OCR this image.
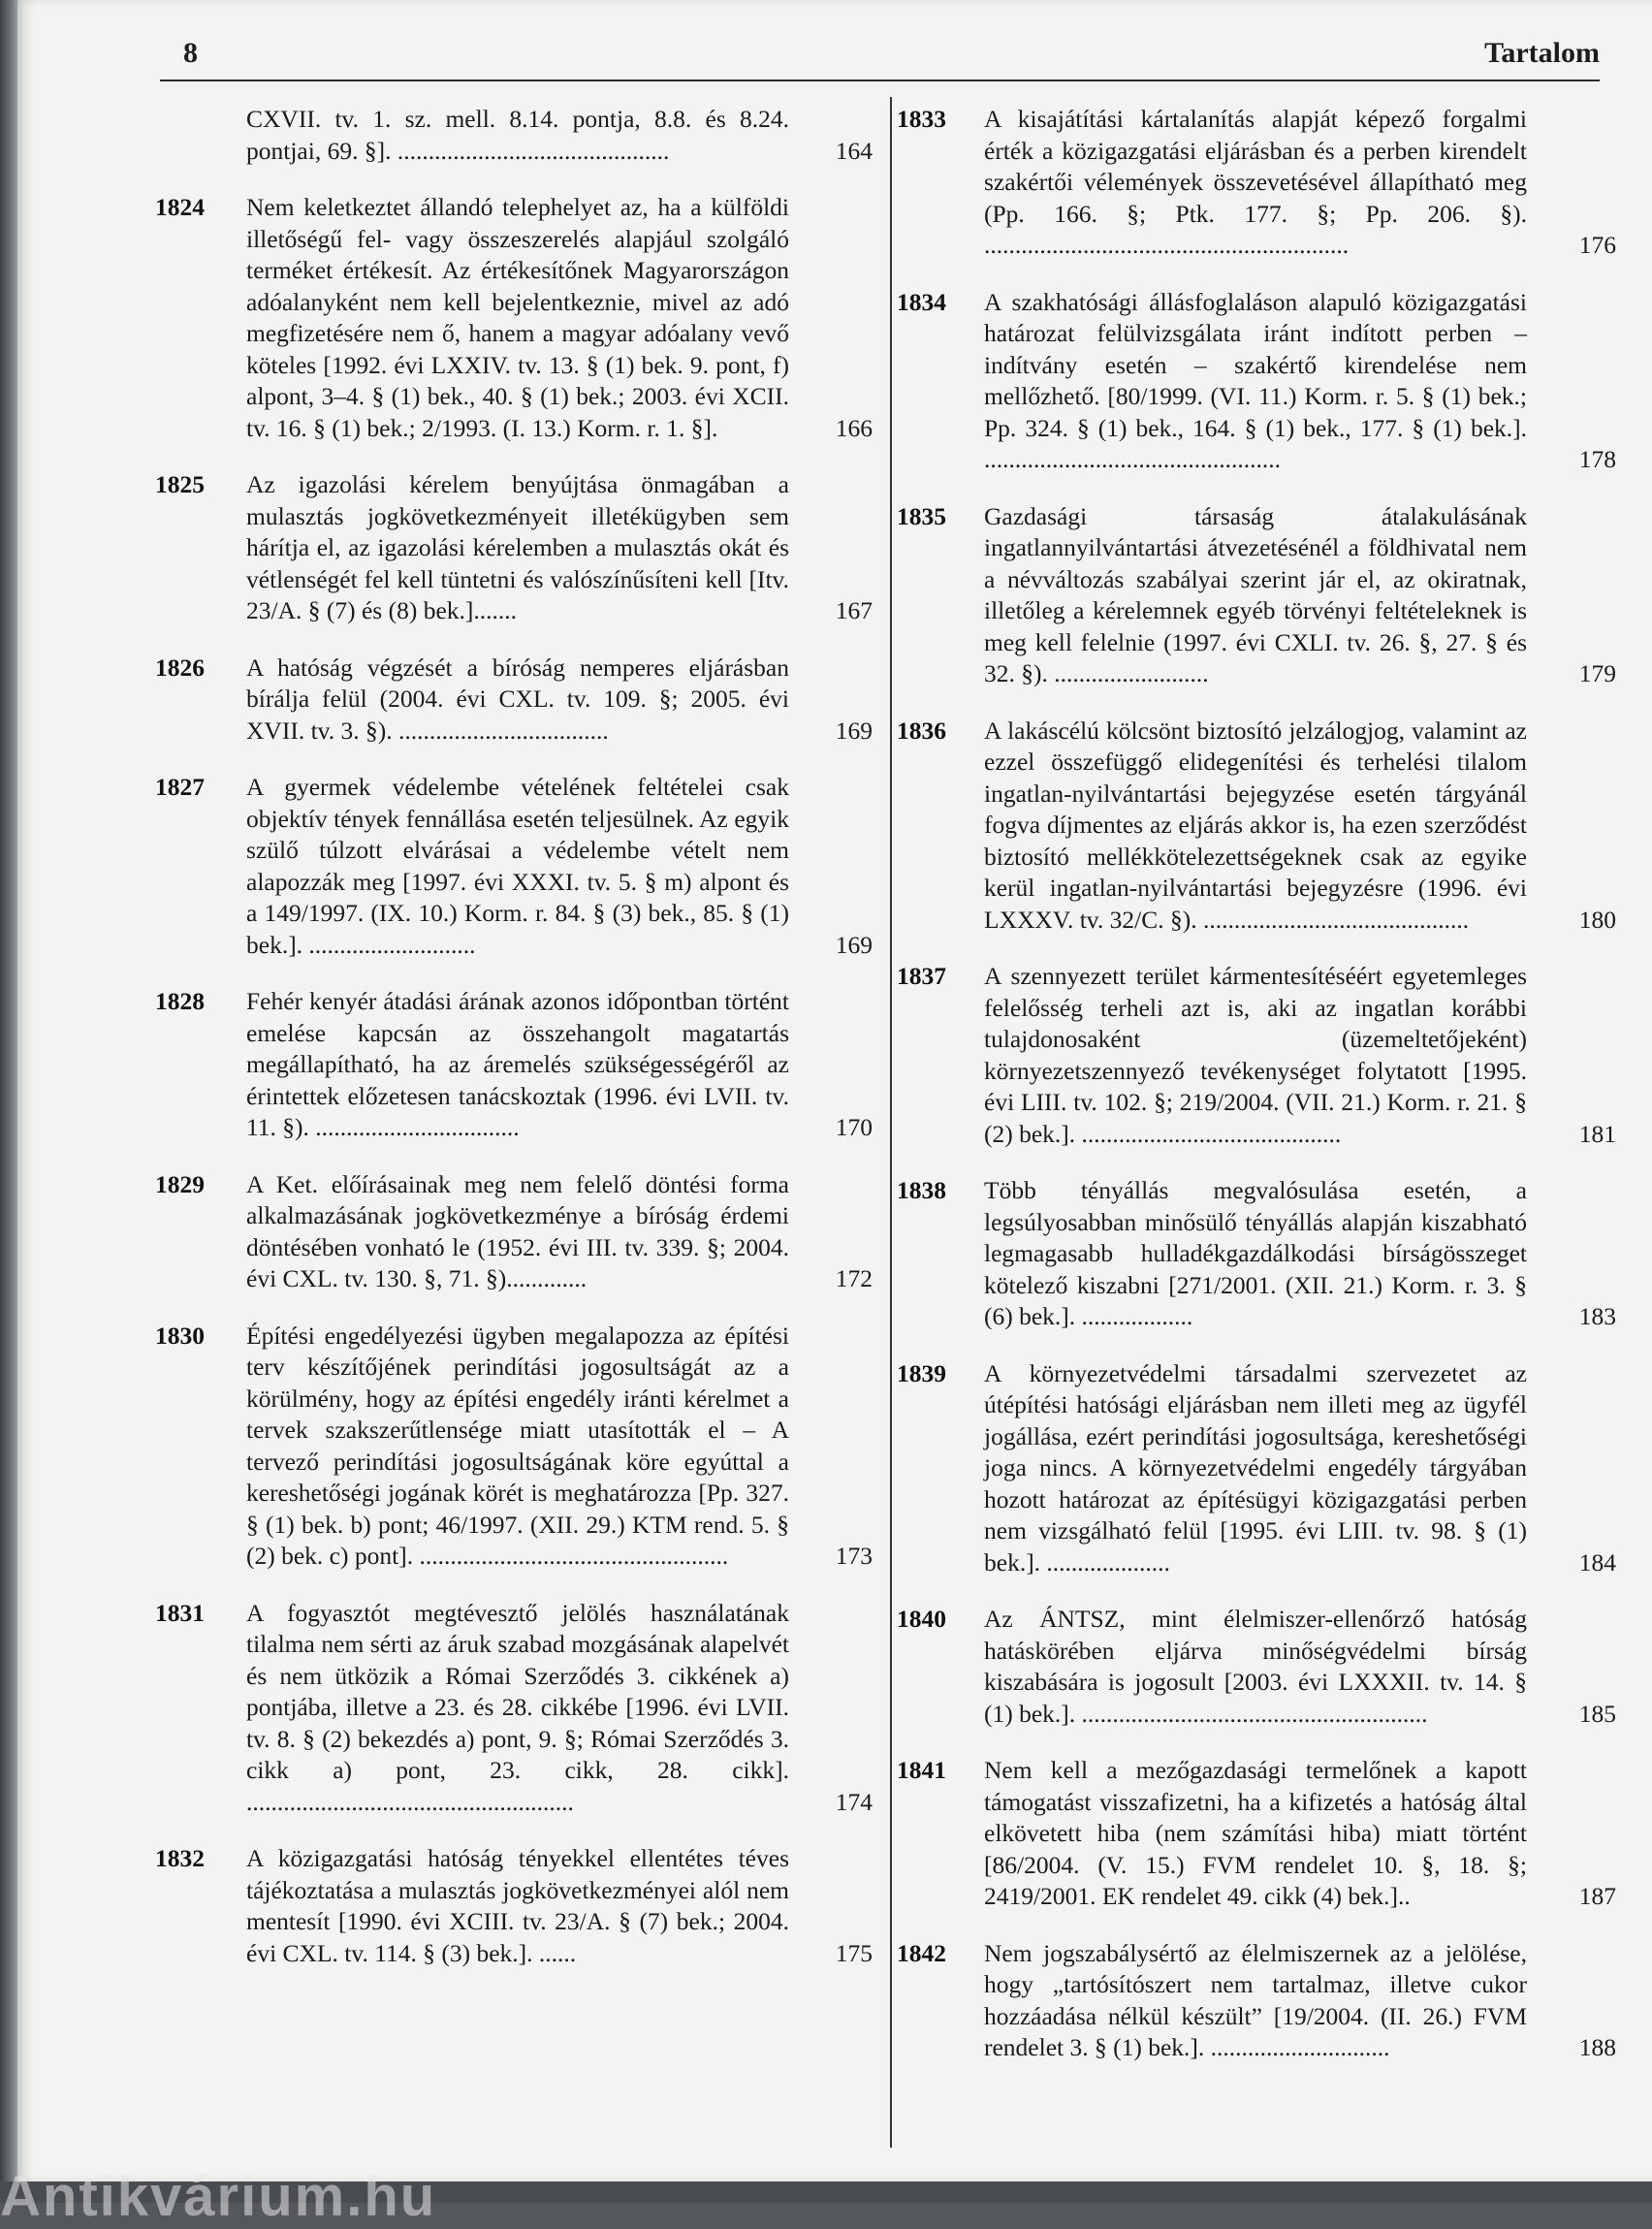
8	Tartalom
CXVII. tv. 1. sz. mell. 8.14. pontja, 8.8. és 8.24. pontjai, 69. §]. ............................................	164
1824	Nem keletkeztet állandó telephelyet az, ha a külföldi illetőségű fel- vagy összeszerelés alapjául szolgáló terméket értékesít. Az értékesítőnek Magyarországon adóalanyként nem kell bejelentkeznie, mivel az adó megfizetésére nem ő, hanem a magyar adóalany vevő köteles [1992. évi LXXIV. tv. 13. § (1) bek. 9. pont, f) alpont, 3–4. § (1) bek., 40. § (1) bek.; 2003. évi XCII. tv. 16. § (1) bek.; 2/1993. (I. 13.) Korm. r. 1. §].	166
1825	Az igazolási kérelem benyújtása önmagában a mulasztás jogkövetkezményeit illetékügyben sem hárítja el, az igazolási kérelemben a mulasztás okát és vétlenségét fel kell tüntetni és valószínűsíteni kell [Itv. 23/A. § (7) és (8) bek.].......	167
1826	A hatóság végzését a bíróság nemperes eljárásban bírálja felül (2004. évi CXL. tv. 109. §; 2005. évi XVII. tv. 3. §). ..................................	169
1827	A gyermek védelembe vételének feltételei csak objektív tények fennállása esetén teljesülnek. Az egyik szülő túlzott elvárásai a védelembe vételt nem alapozzák meg [1997. évi XXXI. tv. 5. § m) alpont és a 149/1997. (IX. 10.) Korm. r. 84. § (3) bek., 85. § (1) bek.]. ...........................	169
1828	Fehér kenyér átadási árának azonos időpontban történt emelése kapcsán az összehangolt magatartás megállapítható, ha az áremelés szükségességéről az érintettek előzetesen tanácskoztak (1996. évi LVII. tv. 11. §). .................................	170
1829	A Ket. előírásainak meg nem felelő döntési forma alkalmazásának jogkövetkezménye a bíróság érdemi döntésében vonható le (1952. évi III. tv. 339. §; 2004. évi CXL. tv. 130. §, 71. §).............	172
1830	Építési engedélyezési ügyben megalapozza az építési terv készítőjének perindítási jogosultságát az a körülmény, hogy az építési engedély iránti kérelmet a tervek szakszerűtlensége miatt utasították el – A tervező perindítási jogosultságának köre egyúttal a kereshetőségi jogának körét is meghatározza [Pp. 327. § (1) bek. b) pont; 46/1997. (XII. 29.) KTM rend. 5. § (2) bek. c) pont]. ..................................................	173
1831	A fogyasztót megtévesztő jelölés használatának tilalma nem sérti az áruk szabad mozgásának alapelvét és nem ütközik a Római Szerződés 3. cikkének a) pontjába, illetve a 23. és 28. cikkébe [1996. évi LVII. tv. 8. § (2) bekezdés a) pont, 9. §; Római Szerződés 3. cikk a) pont, 23. cikk, 28. cikk]. .....................................................	174
1832	A közigazgatási hatóság tényekkel ellentétes téves tájékoztatása a mulasztás jogkövetkezményei alól nem mentesít [1990. évi XCIII. tv. 23/A. § (7) bek.; 2004. évi CXL. tv. 114. § (3) bek.]. ......	175
1833	A kisajátítási kártalanítás alapját képező forgalmi érték a közigazgatási eljárásban és a perben kirendelt szakértői vélemények összevetésével állapítható meg (Pp. 166. §; Ptk. 177. §; Pp. 206. §). ...........................................................	176
1834	A szakhatósági állásfoglaláson alapuló közigazgatási határozat felülvizsgálata iránt indított perben – indítvány esetén – szakértő kirendelése nem mellőzhető. [80/1999. (VI. 11.) Korm. r. 5. § (1) bek.; Pp. 324. § (1) bek., 164. § (1) bek., 177. § (1) bek.]. ................................................	178
1835	Gazdasági társaság átalakulásának ingatlannyilvántartási átvezetésénél a földhivatal nem a névváltozás szabályai szerint jár el, az okiratnak, illetőleg a kérelemnek egyéb törvényi feltételeknek is meg kell felelnie (1997. évi CXLI. tv. 26. §, 27. § és 32. §). .........................	179
1836	A lakáscélú kölcsönt biztosító jelzálogjog, valamint az ezzel összefüggő elidegenítési és terhelési tilalom ingatlan-nyilvántartási bejegyzése esetén tárgyánál fogva díjmentes az eljárás akkor is, ha ezen szerződést biztosító mellékkötelezettségeknek csak az egyike kerül ingatlan-nyilvántartási bejegyzésre (1996. évi LXXXV. tv. 32/C. §). ...........................................	180
1837	A szennyezett terület kármentesítéséért egyetemleges felelősség terheli azt is, aki az ingatlan korábbi tulajdonosaként (üzemeltetőjeként) környezetszennyező tevékenységet folytatott [1995. évi LIII. tv. 102. §; 219/2004. (VII. 21.) Korm. r. 21. § (2) bek.]. ..........................................	181
1838	Több tényállás megvalósulása esetén, a legsúlyosabban minősülő tényállás alapján kiszabható legmagasabb hulladékgazdálkodási bírságösszeget kötelező kiszabni [271/2001. (XII. 21.) Korm. r. 3. § (6) bek.]. ..................	183
1839	A környezetvédelmi társadalmi szervezetet az útépítési hatósági eljárásban nem illeti meg az ügyfél jogállása, ezért perindítási jogosultsága, kereshetőségi joga nincs. A környezetvédelmi engedély tárgyában hozott határozat az építésügyi közigazgatási perben nem vizsgálható felül [1995. évi LIII. tv. 98. § (1) bek.]. ....................	184
1840	Az ÁNTSZ, mint élelmiszer-ellenőrző hatóság hatáskörében eljárva minőségvédelmi bírság kiszabására is jogosult [2003. évi LXXXII. tv. 14. § (1) bek.]. ........................................................	185
1841	Nem kell a mezőgazdasági termelőnek a kapott támogatást visszafizetni, ha a kifizetés a hatóság által elkövetett hiba (nem számítási hiba) miatt történt [86/2004. (V. 15.) FVM rendelet 10. §, 18. §; 2419/2001. EK rendelet 49. cikk (4) bek.]..	187
1842	Nem jogszabálysértő az élelmiszernek az a jelölése, hogy „tartósítószert nem tartalmaz, illetve cukor hozzáadása nélkül készült” [19/2004. (II. 26.) FVM rendelet 3. § (1) bek.]. .............................	188
Antikvárium.hu
